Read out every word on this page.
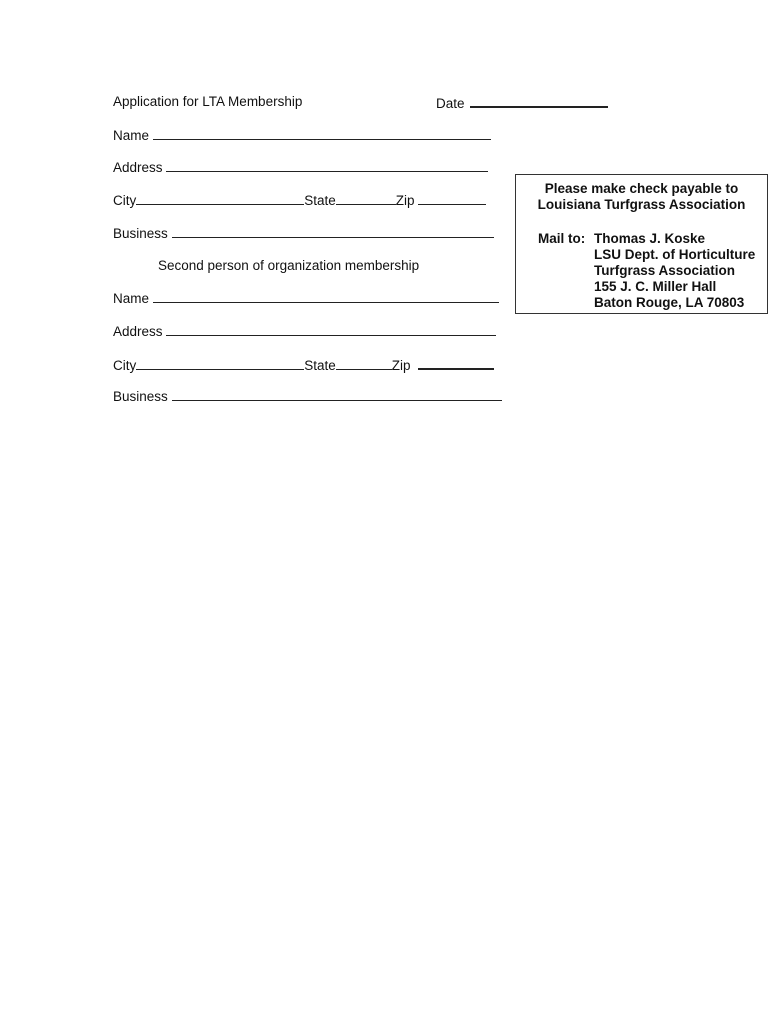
Application for LTA Membership	Date
Name
Address
City	State	Zip
Business
Second person of organization membership
Name
Address
City	State	Zip
Business
Please make check payable to
Louisiana Turfgrass Association
Mail to: Thomas J. Koske
LSU Dept. of Horticulture
Turfgrass Association
155 J. C. Miller Hall
Baton Rouge, LA 70803
